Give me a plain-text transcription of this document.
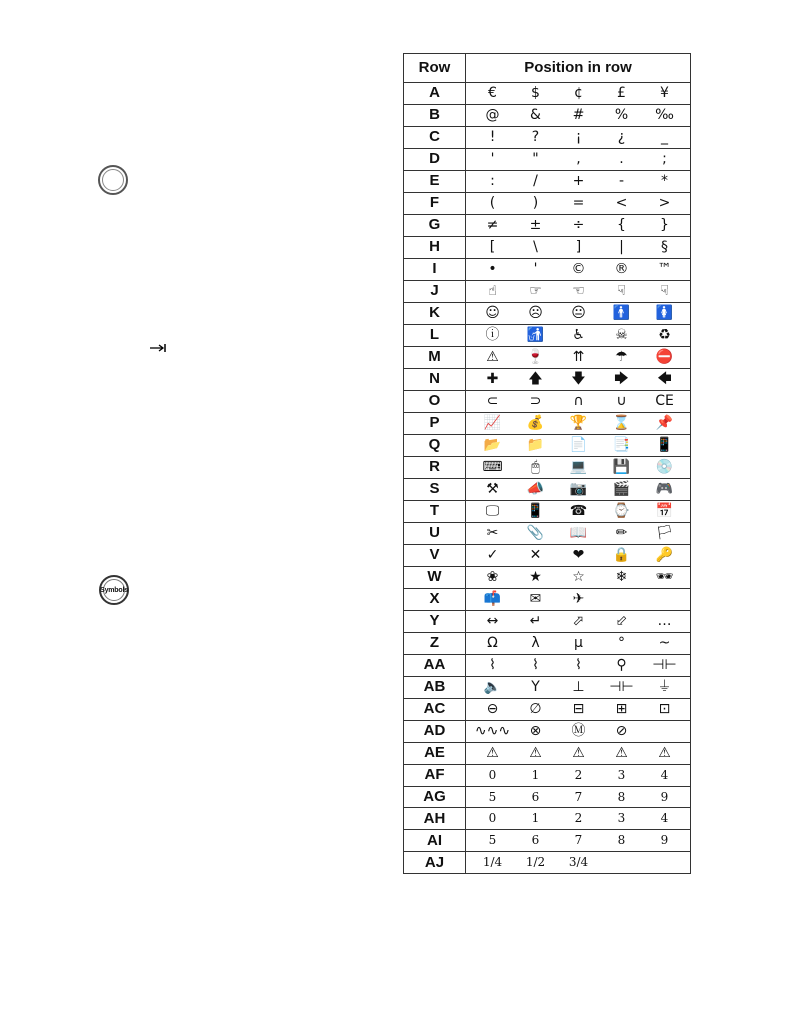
Symbols
Row	Position in row
A	€ $ ¢ £ ¥
B	@ & # % ‰
C	! ? ¡ ¿ _
D	' " , . ;
E	: / + - *
F	( ) = < >
G	≠ ± ÷ { }
H	[ \ ] | §
I	• ' © ® ™
J	☝ ☞ ☜ ☟ ☟
K	☺ ☹ 😐 🚹 🚺
L	ⓘ 🚮 ♿ ☠ ♻
M	⚠ 🍷 ⇈ ☂ ⛔
N	✚ 🡅 🡇 🡆 🡄
O	⊂ ⊃ ∩ ∪ CE
P	📈 💰 🏆 ⌛ 📌
Q	📂 📁 📄 📑 📱
R	⌨ 🖱 💻 💾 💿
S	⚒ 📣 📷 🎬 🎮
T	🖵 📱 ☎ ⌚ 📅
U	✂ 📎 📖 ✏ 🏳
V	✓ ✕ ❤ 🔒 🔑
W	❀ ★ ☆ ❄ 🕶
X	📫 ✉ ✈
Y	↔ ↵ ⬀ ⬃ …
Z	Ω λ μ ° ~
AA	⌇ ⌇ ⌇ ⚲ ⊣⊢
AB	🔈 Y ⊥ ⊣⊢ ⏚
AC	⊖ ∅ ⊟ ⊞ ⊡
AD	∿∿∿ ⊗ Ⓜ ⊘
AE	⚠ ⚠ ⚠ ⚠ ⚠
AF	0 1 2 3 4
AG	5 6 7 8 9
AH	0 1 2 3 4
AI	5 6 7 8 9
AJ	1/4 1/2 3/4
